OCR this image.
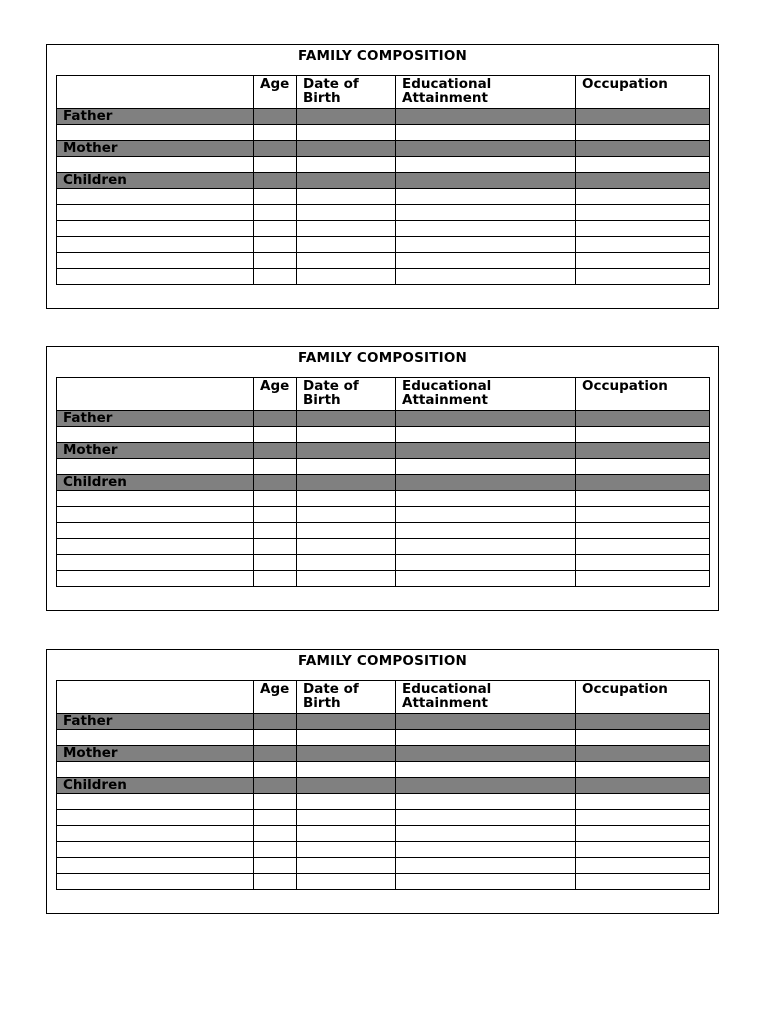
FAMILY COMPOSITION
	Age	Date of Birth	Educational Attainment	Occupation
Father				

Mother				

Children				

FAMILY COMPOSITION
	Age	Date of Birth	Educational Attainment	Occupation
Father				

Mother				

Children				

FAMILY COMPOSITION
	Age	Date of Birth	Educational Attainment	Occupation
Father				

Mother				

Children				
